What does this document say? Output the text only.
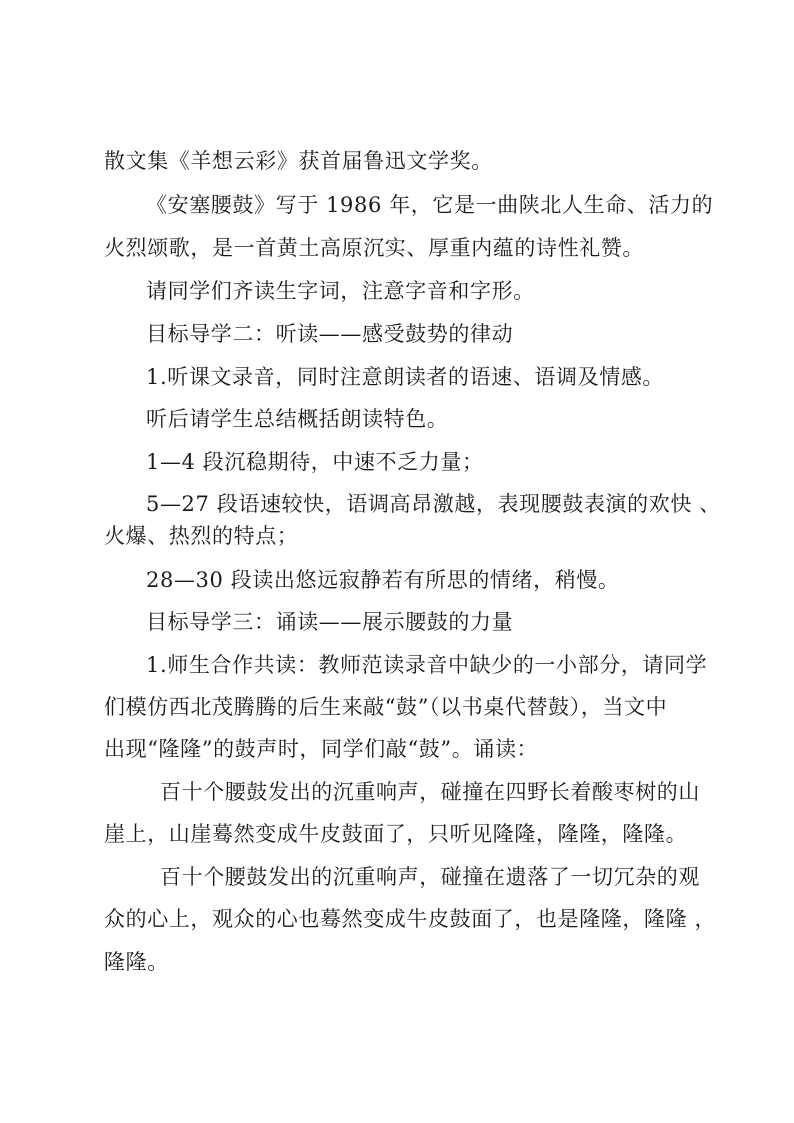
散文集《羊想云彩》获首届鲁迅文学奖。
《安塞腰鼓》写于 1986 年，它是一曲陕北人生命、活力的
火烈颂歌，是一首黄土高原沉实、厚重内蕴的诗性礼赞。
请同学们齐读生字词，注意字音和字形。
目标导学二：听读——感受鼓势的律动
1.听课文录音，同时注意朗读者的语速、语调及情感。
听后请学生总结概括朗读特色。
1—4 段沉稳期待，中速不乏力量；
5—27 段语速较快，语调高昂激越，表现腰鼓表演的欢快 、
火爆、热烈的特点；
28—30 段读出悠远寂静若有所思的情绪，稍慢。
目标导学三：诵读——展示腰鼓的力量
1.师生合作共读：教师范读录音中缺少的一小部分，请同学
们模仿西北茂腾腾的后生来敲“鼓”（以书桌代替鼓），当文中
出现“隆隆”的鼓声时，同学们敲“鼓”。诵读：
百十个腰鼓发出的沉重响声，碰撞在四野长着酸枣树的山
崖上，山崖蓦然变成牛皮鼓面了，只听见隆隆，隆隆，隆隆。
百十个腰鼓发出的沉重响声，碰撞在遗落了一切冗杂的观
众的心上，观众的心也蓦然变成牛皮鼓面了，也是隆隆，隆隆 ，
隆隆。
